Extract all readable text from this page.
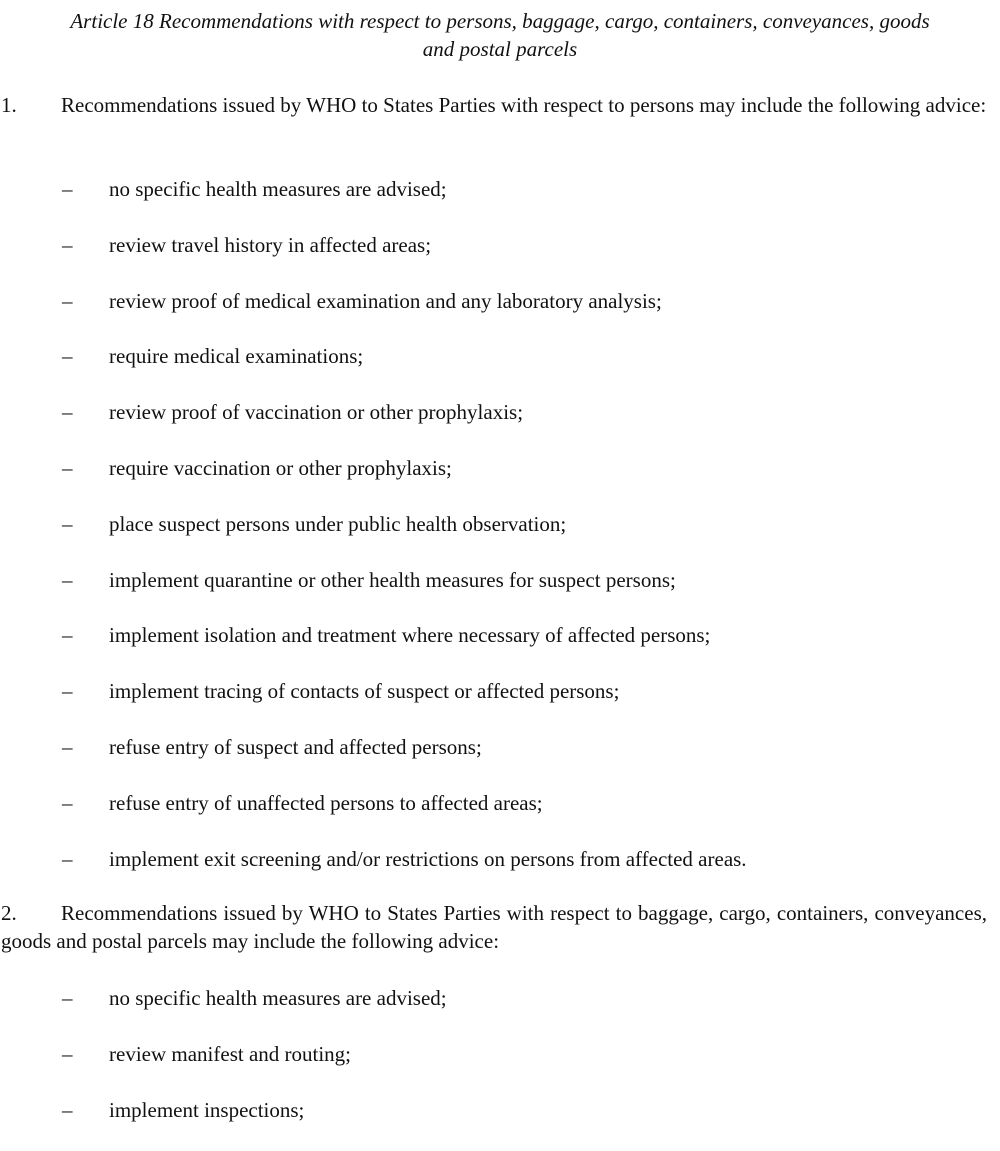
Article 18 Recommendations with respect to persons, baggage, cargo, containers, conveyances, goods
and postal parcels
1. Recommendations issued by WHO to States Parties with respect to persons may include the following advice:
– no specific health measures are advised;
– review travel history in affected areas;
– review proof of medical examination and any laboratory analysis;
– require medical examinations;
– review proof of vaccination or other prophylaxis;
– require vaccination or other prophylaxis;
– place suspect persons under public health observation;
– implement quarantine or other health measures for suspect persons;
– implement isolation and treatment where necessary of affected persons;
– implement tracing of contacts of suspect or affected persons;
– refuse entry of suspect and affected persons;
– refuse entry of unaffected persons to affected areas;
– implement exit screening and/or restrictions on persons from affected areas.
2. Recommendations issued by WHO to States Parties with respect to baggage, cargo, containers, conveyances, goods and postal parcels may include the following advice:
– no specific health measures are advised;
– review manifest and routing;
– implement inspections;
